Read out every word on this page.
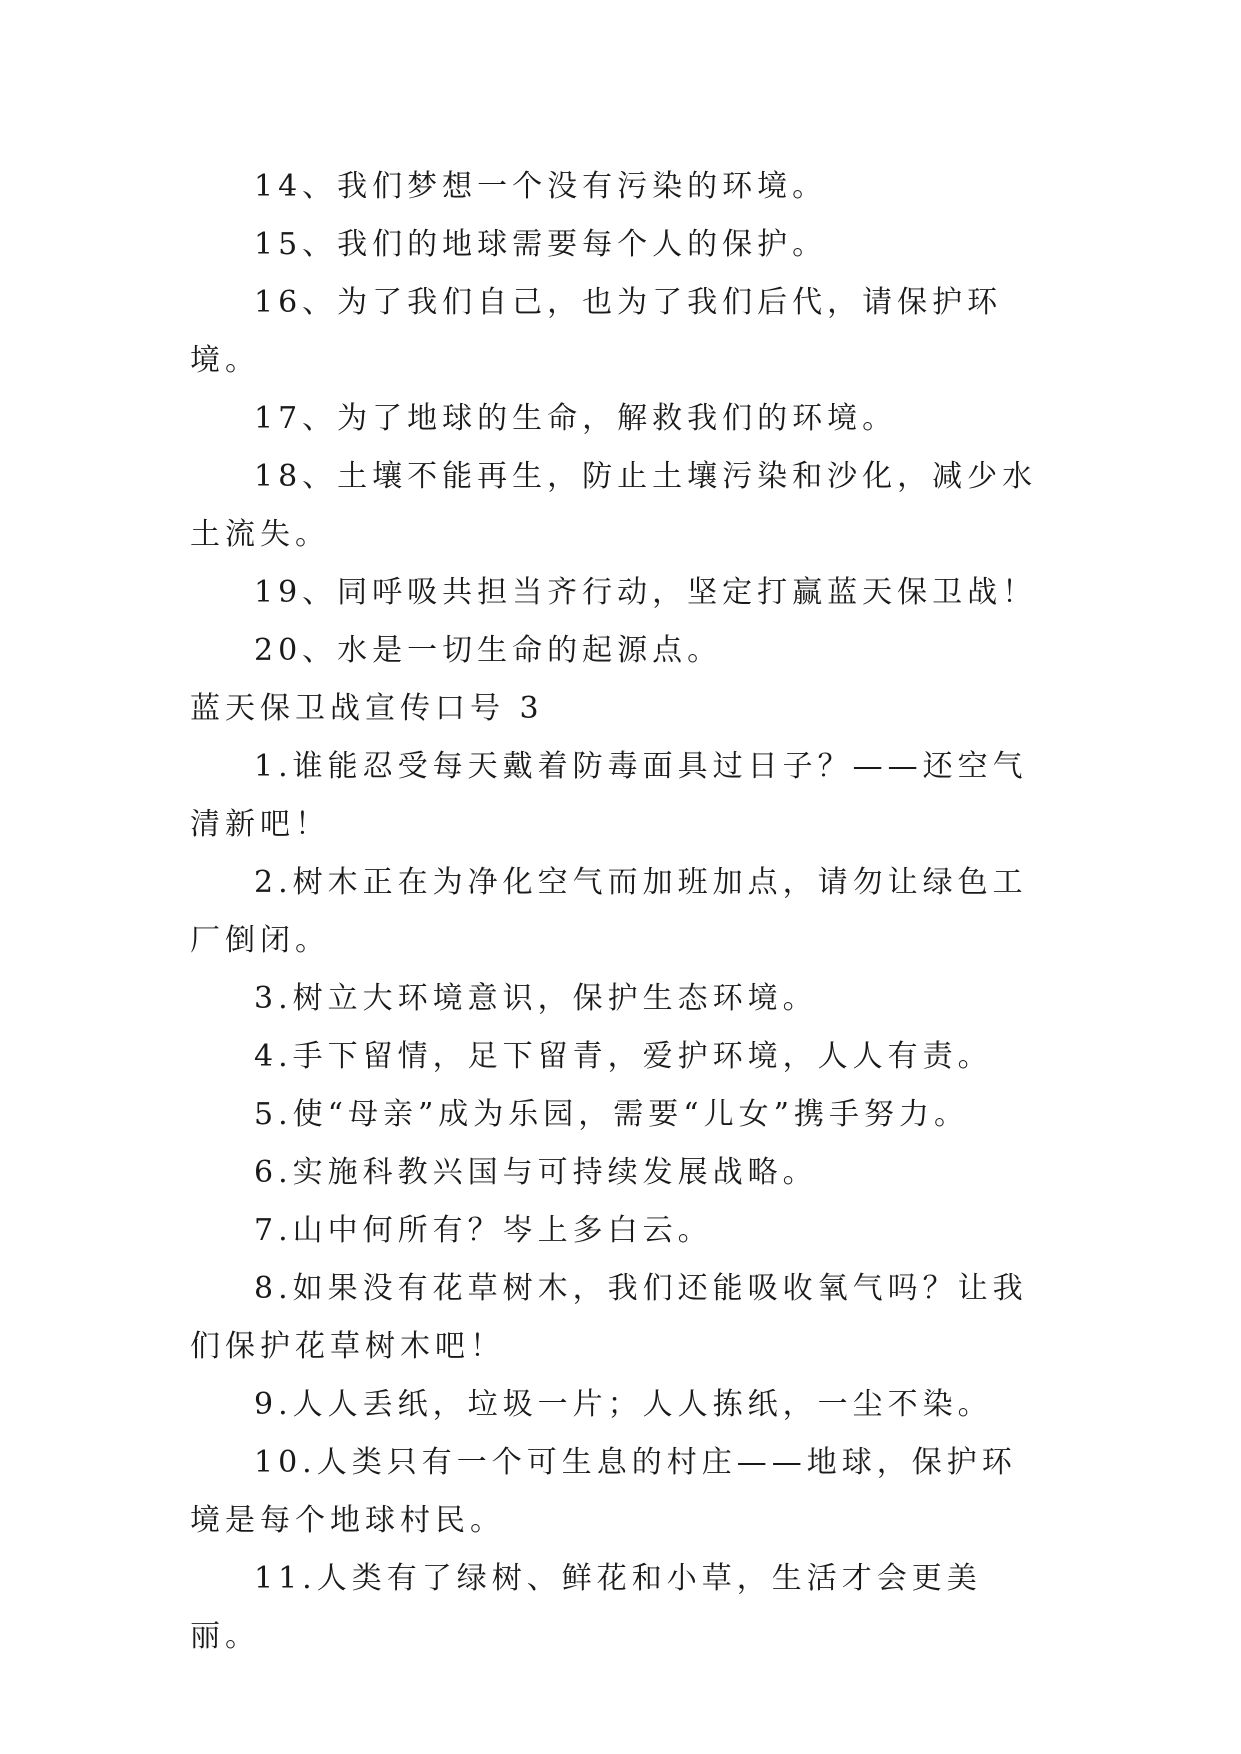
14、我们梦想一个没有污染的环境。

15、我们的地球需要每个人的保护。

16、为了我们自己，也为了我们后代，请保护环境。

17、为了地球的生命，解救我们的环境。

18、土壤不能再生，防止土壤污染和沙化，减少水土流失。

19、同呼吸共担当齐行动，坚定打赢蓝天保卫战！

20、水是一切生命的起源点。

蓝天保卫战宣传口号 3

1.谁能忍受每天戴着防毒面具过日子？——还空气清新吧！

2.树木正在为净化空气而加班加点，请勿让绿色工厂倒闭。

3.树立大环境意识，保护生态环境。

4.手下留情，足下留青，爱护环境，人人有责。

5.使“母亲”成为乐园，需要“儿女”携手努力。

6.实施科教兴国与可持续发展战略。

7.山中何所有？岑上多白云。

8.如果没有花草树木，我们还能吸收氧气吗？让我们保护花草树木吧！

9.人人丢纸，垃圾一片；人人拣纸，一尘不染。

10.人类只有一个可生息的村庄——地球，保护环境是每个地球村民。

11.人类有了绿树、鲜花和小草，生活才会更美丽。
